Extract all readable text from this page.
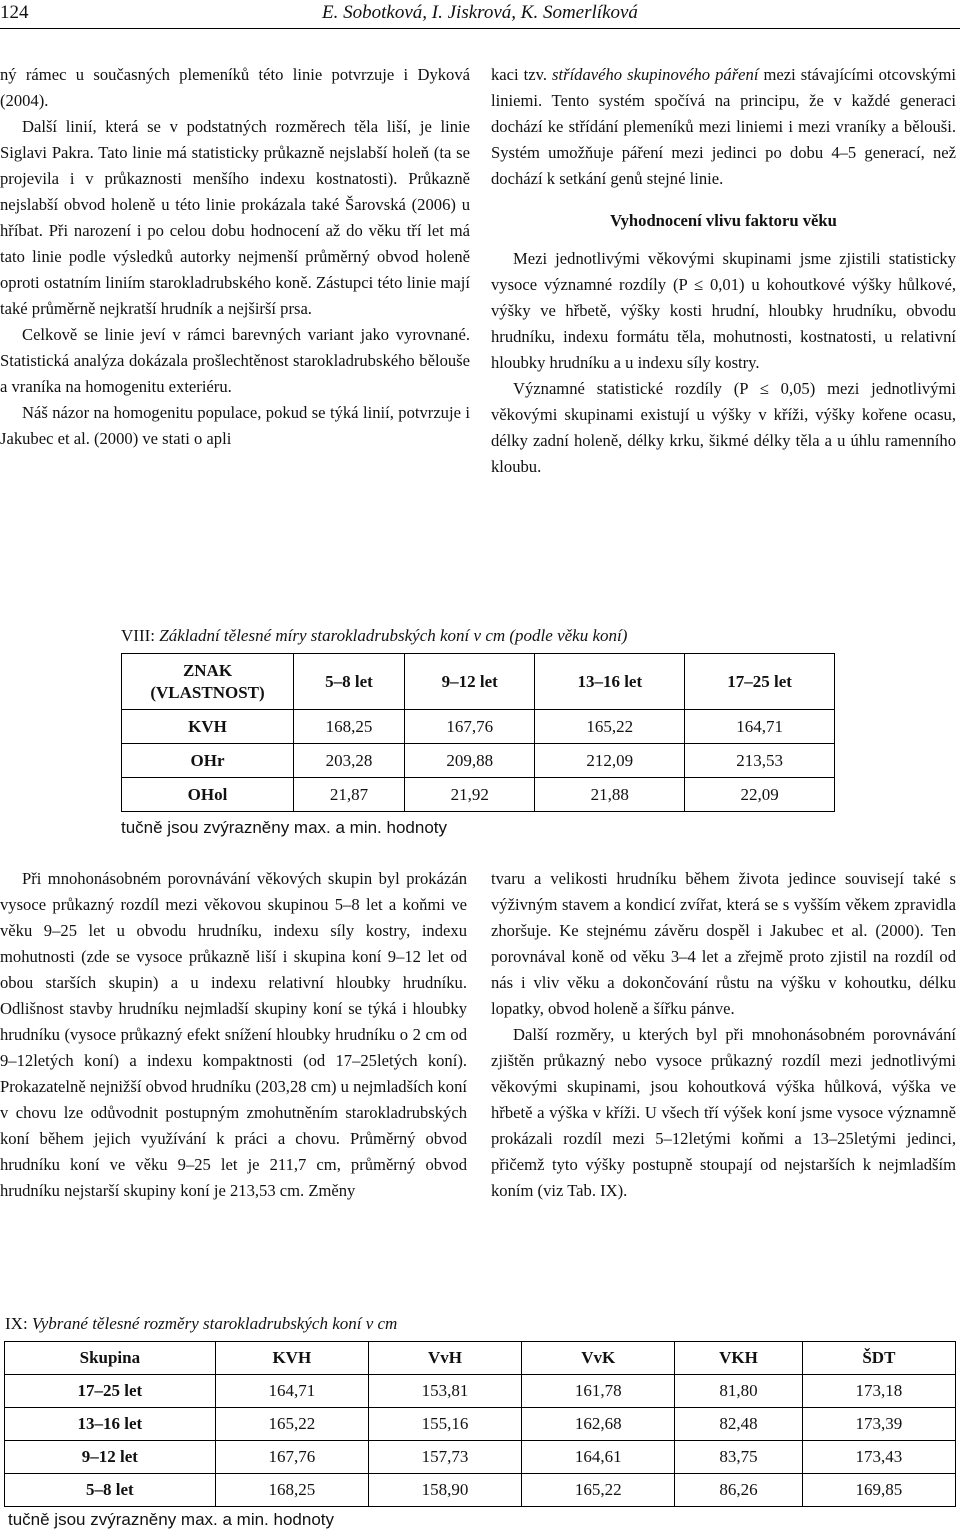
124	E. Sobotková, I. Jiskrová, K. Somerlíková

ný rámec u současných plemeníků této linie potvrzuje i Dyková (2004).

Další linií, která se v podstatných rozměrech těla liší, je linie Siglavi Pakra. Tato linie má statisticky průkazně nejslabší holeň (ta se projevila i v průkaznosti menšího indexu kostnatosti). Průkazně nejslabší obvod holeně u této linie prokázala také Šarovská (2006) u hříbat. Při narození i po celou dobu hodnocení až do věku tří let má tato linie podle výsledků autorky nejmenší průměrný obvod holeně oproti ostatním liniím starokladrubského koně. Zástupci této linie mají také průměrně nejkratší hrudník a nejširší prsa.

Celkově se linie jeví v rámci barevných variant jako vyrovnané. Statistická analýza dokázala prošlechtěnost starokladrubského bělouše a vraníka na homogenitu exteriéru.

Náš názor na homogenitu populace, pokud se týká linií, potvrzuje i Jakubec et al. (2000) ve stati o apli

kaci tzv. střídavého skupinového páření mezi stávajícími otcovskými liniemi. Tento systém spočívá na principu, že v každé generaci dochází ke střídání plemeníků mezi liniemi i mezi vraníky a bělouši. Systém umožňuje páření mezi jedinci po dobu 4–5 generací, než dochází k setkání genů stejné linie.

Vyhodnocení vlivu faktoru věku

Mezi jednotlivými věkovými skupinami jsme zjistili statisticky vysoce významné rozdíly (P ≤ 0,01) u kohoutkové výšky hůlkové, výšky ve hřbetě, výšky kosti hrudní, hloubky hrudníku, obvodu hrudníku, indexu formátu těla, mohutnosti, kostnatosti, u relativní hloubky hrudníku a u indexu síly kostry.

Významné statistické rozdíly (P ≤ 0,05) mezi jednotlivými věkovými skupinami existují u výšky v kříži, výšky kořene ocasu, délky zadní holeně, délky krku, šikmé délky těla a u úhlu ramenního kloubu.

VIII: Základní tělesné míry starokladrubských koní v cm (podle věku koní)
ZNAK
(VLASTNOST)	5–8 let	9–12 let	13–16 let	17–25 let
KVH	168,25	167,76	165,22	164,71
OHr	203,28	209,88	212,09	213,53
OHol	21,87	21,92	21,88	22,09
tučně jsou zvýrazněny max. a min. hodnoty

Při mnohonásobném porovnávání věkových skupin byl prokázán vysoce průkazný rozdíl mezi věkovou skupinou 5–8 let a koňmi ve věku 9–25 let u obvodu hrudníku, indexu síly kostry, indexu mohutnosti (zde se vysoce průkazně liší i skupina koní 9–12 let od obou starších skupin) a u indexu relativní hloubky hrudníku. Odlišnost stavby hrudníku nejmladší skupiny koní se týká i hloubky hrudníku (vysoce průkazný efekt snížení hloubky hrudníku o 2 cm od 9–12letých koní) a indexu kompaktnosti (od 17–25letých koní). Prokazatelně nejnižší obvod hrudníku (203,28 cm) u nejmladších koní v chovu lze odůvodnit postupným zmohutněním starokladrubských koní během jejich využívání k práci a chovu. Průměrný obvod hrudníku koní ve věku 9–25 let je 211,7 cm, průměrný obvod hrudníku nejstarší skupiny koní je 213,53 cm. Změny

tvaru a velikosti hrudníku během života jedince souvisejí také s výživným stavem a kondicí zvířat, která se s vyšším věkem zpravidla zhoršuje. Ke stejnému závěru dospěl i Jakubec et al. (2000). Ten porovnával koně od věku 3–4 let a zřejmě proto zjistil na rozdíl od nás i vliv věku a dokončování růstu na výšku v kohoutku, délku lopatky, obvod holeně a šířku pánve.

Další rozměry, u kterých byl při mnohonásobném porovnávání zjištěn průkazný nebo vysoce průkazný rozdíl mezi jednotlivými věkovými skupinami, jsou kohoutková výška hůlková, výška ve hřbetě a výška v kříži. U všech tří výšek koní jsme vysoce významně prokázali rozdíl mezi 5–12letými koňmi a 13–25letými jedinci, přičemž tyto výšky postupně stoupají od nejstarších k nejmladším koním (viz Tab. IX).

IX: Vybrané tělesné rozměry starokladrubských koní v cm
Skupina	KVH	VvH	VvK	VKH	ŠDT
17–25 let	164,71	153,81	161,78	81,80	173,18
13–16 let	165,22	155,16	162,68	82,48	173,39
9–12 let	167,76	157,73	164,61	83,75	173,43
5–8 let	168,25	158,90	165,22	86,26	169,85
tučně jsou zvýrazněny max. a min. hodnoty
